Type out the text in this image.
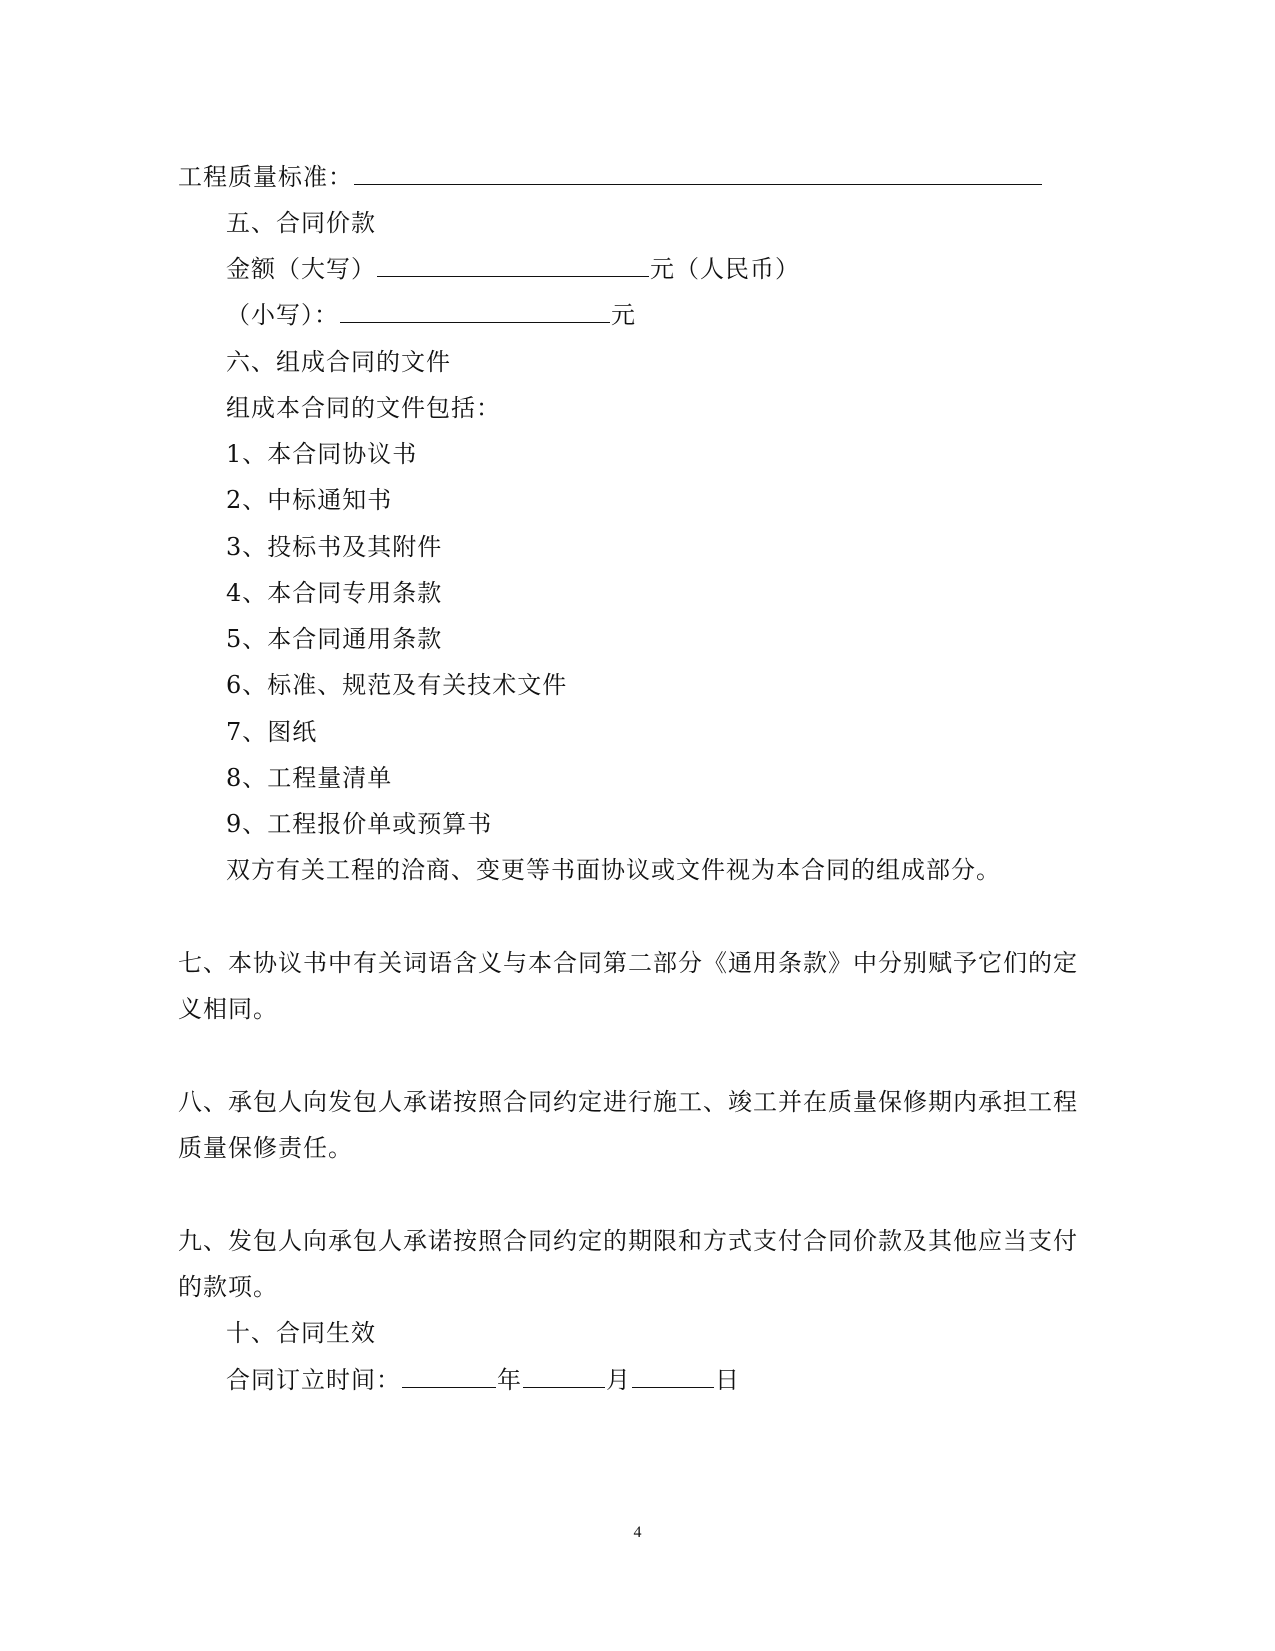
工程质量标准：
五、合同价款
金额（大写）	元（人民币）
（小写）：	元
六、组成合同的文件
组成本合同的文件包括：
1、本合同协议书
2、中标通知书
3、投标书及其附件
4、本合同专用条款
5、本合同通用条款
6、标准、规范及有关技术文件
7、图纸
8、工程量清单
9、工程报价单或预算书
双方有关工程的洽商、变更等书面协议或文件视为本合同的组成部分。
七、本协议书中有关词语含义与本合同第二部分《通用条款》中分别赋予它们的定
义相同。
八、承包人向发包人承诺按照合同约定进行施工、竣工并在质量保修期内承担工程
质量保修责任。
九、发包人向承包人承诺按照合同约定的期限和方式支付合同价款及其他应当支付
的款项。
十、合同生效
合同订立时间：	年	月	日
4
